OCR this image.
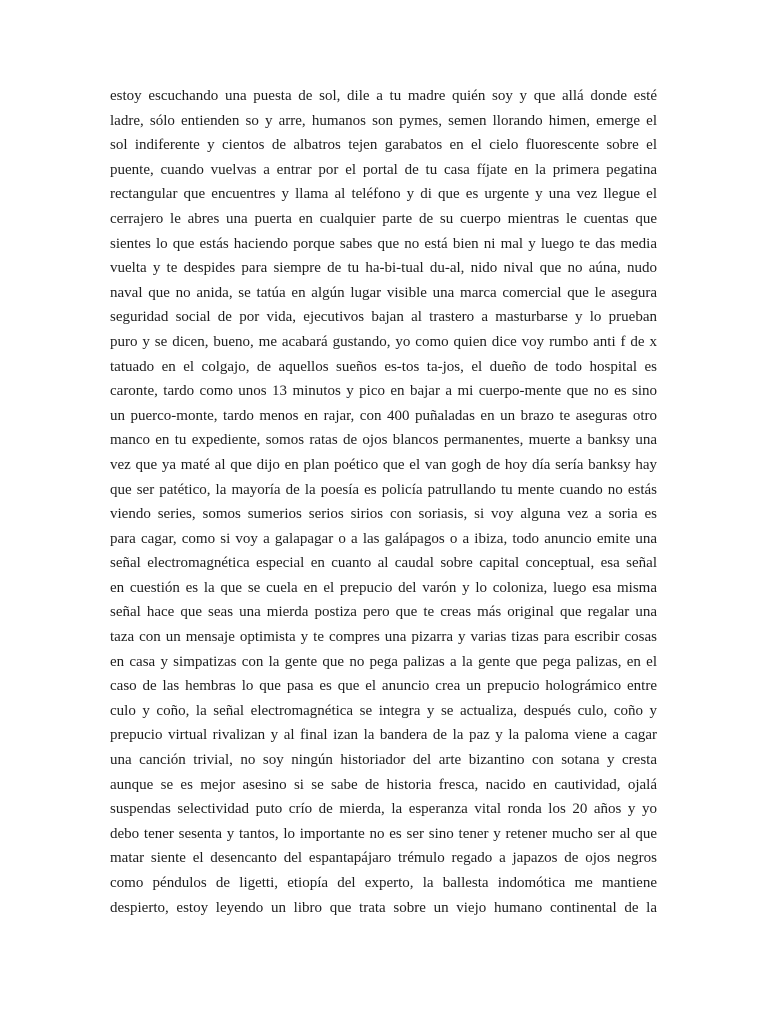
estoy escuchando una puesta de sol, dile a tu madre quién soy y que allá donde esté
ladre, sólo entienden so y arre, humanos son pymes, semen llorando himen, emerge el
sol indiferente y cientos de albatros tejen garabatos en el cielo fluorescente sobre el
puente, cuando vuelvas a entrar por el portal de tu casa fíjate en la primera pegatina
rectangular que encuentres y llama al teléfono y di que es urgente y una vez llegue el
cerrajero le abres una puerta en cualquier parte de su cuerpo mientras le cuentas que
sientes lo que estás haciendo porque sabes que no está bien ni mal y luego te das media
vuelta y te despides para siempre de tu ha-bi-tual du-al, nido nival que no aúna, nudo
naval que no anida, se tatúa en algún lugar visible una marca comercial que le asegura
seguridad social de por vida, ejecutivos bajan al trastero a masturbarse y lo prueban
puro y se dicen, bueno, me acabará gustando, yo como quien dice voy rumbo anti f de x
tatuado en el colgajo, de aquellos sueños es-tos ta-jos, el dueño de todo hospital es
caronte, tardo como unos 13 minutos y pico en bajar a mi cuerpo-mente que no es sino
un puerco-monte, tardo menos en rajar, con 400 puñaladas en un brazo te aseguras otro
manco en tu expediente, somos ratas de ojos blancos permanentes, muerte a banksy una
vez que ya maté al que dijo en plan poético que el van gogh de hoy día sería banksy hay
que ser patético, la mayoría de la poesía es policía patrullando tu mente cuando no estás
viendo series, somos sumerios serios sirios con soriasis, si voy alguna vez a soria es
para cagar, como si voy a galapagar o a las galápagos o a ibiza, todo anuncio emite una
señal electromagnética especial en cuanto al caudal sobre capital conceptual, esa señal
en cuestión es la que se cuela en el prepucio del varón y lo coloniza, luego esa misma
señal hace que seas una mierda postiza pero que te creas más original que regalar una
taza con un mensaje optimista y te compres una pizarra y varias tizas para escribir cosas
en casa y simpatizas con la gente que no pega palizas a la gente que pega palizas, en el
caso de las hembras lo que pasa es que el anuncio crea un prepucio holográmico entre
culo y coño, la señal electromagnética se integra y se actualiza, después culo, coño y
prepucio virtual rivalizan y al final izan la bandera de la paz y la paloma viene a cagar
una canción trivial, no soy ningún historiador del arte bizantino con sotana y cresta
aunque se es mejor asesino si se sabe de historia fresca, nacido en cautividad, ojalá
suspendas selectividad puto crío de mierda, la esperanza vital ronda los 20 años y yo
debo tener sesenta y tantos, lo importante no es ser sino tener y retener mucho ser al que
matar siente el desencanto del espantapájaro trémulo regado a japazos de ojos negros
como péndulos de ligetti, etiopía del experto, la ballesta indomótica me mantiene
despierto, estoy leyendo un libro que trata sobre un viejo humano continental de la
